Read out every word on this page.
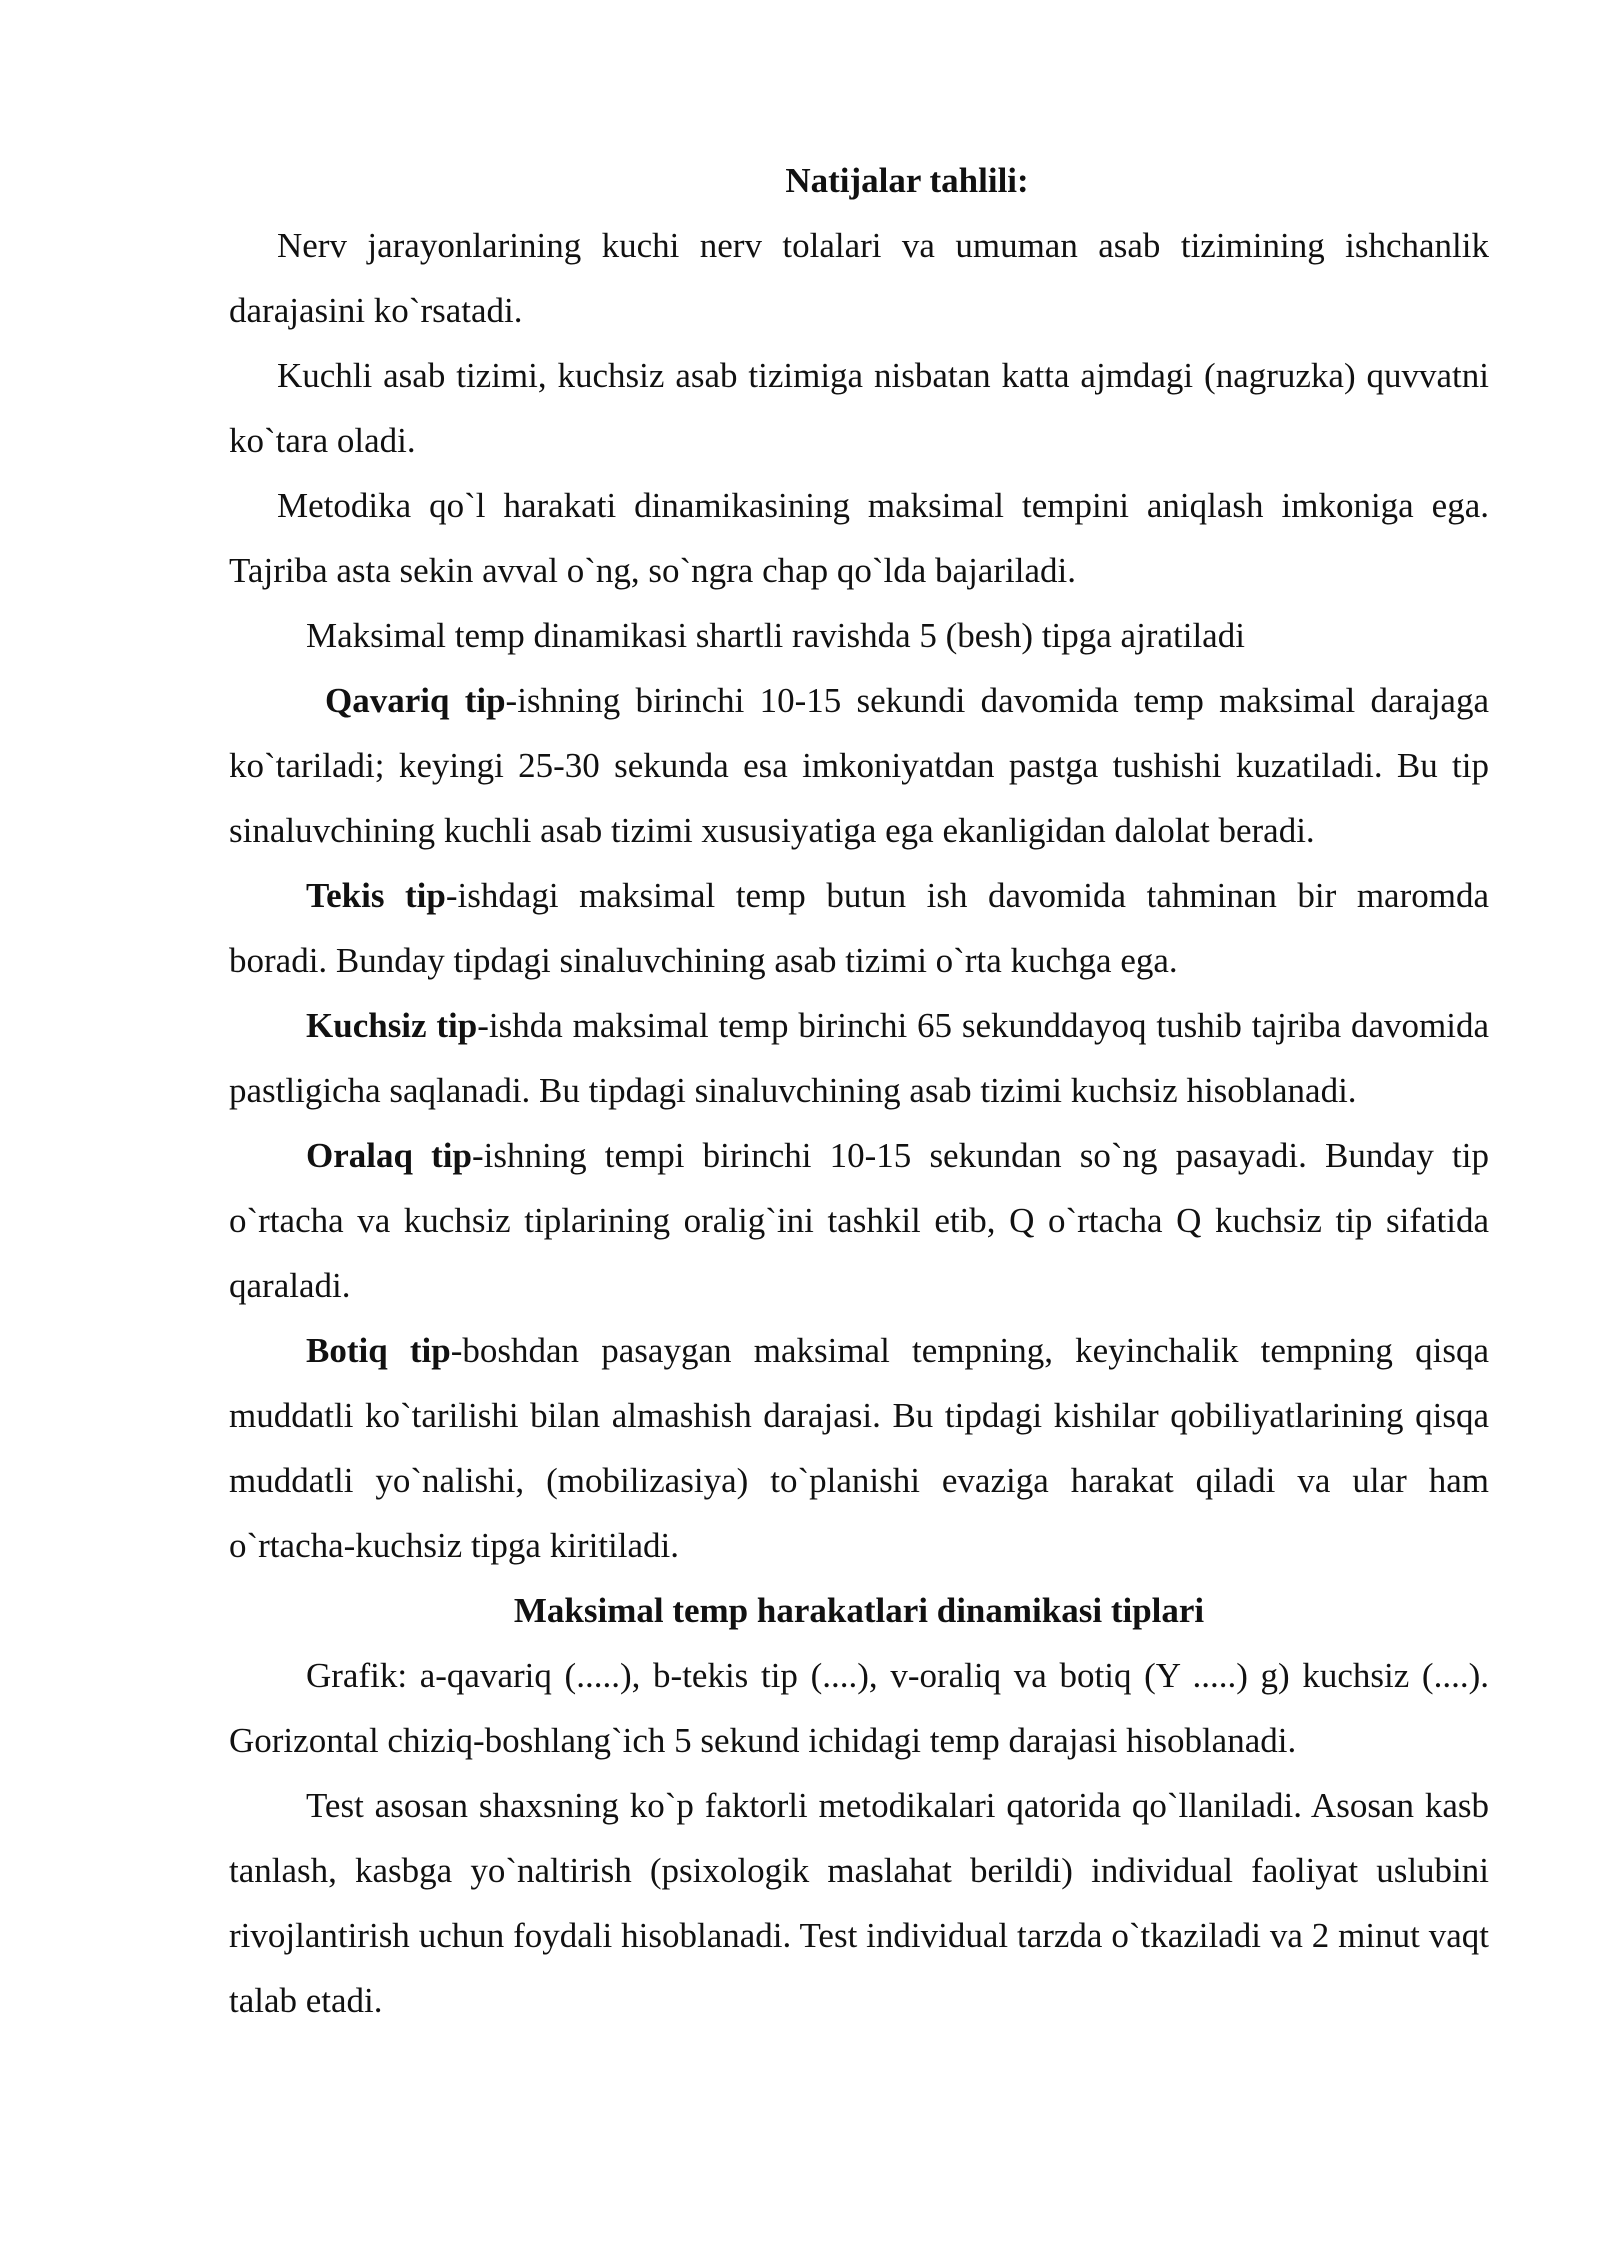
Natijalar tahlili:

Nerv jarayonlarining kuchi nerv tolalari va umuman asab tizimining ishchanlik darajasini ko`rsatadi.

Kuchli asab tizimi, kuchsiz asab tizimiga nisbatan katta ajmdagi (nagruzka) quvvatni ko`tara oladi.

Metodika qo`l harakati dinamikasining maksimal tempini aniqlash imkoniga ega. Tajriba asta sekin avval o`ng, so`ngra chap qo`lda bajariladi.

Maksimal temp dinamikasi shartli ravishda 5 (besh) tipga ajratiladi

Qavariq tip-ishning birinchi 10-15 sekundi davomida temp maksimal darajaga ko`tariladi; keyingi 25-30 sekunda esa imkoniyatdan pastga tushishi kuzatiladi. Bu tip sinaluvchining kuchli asab tizimi xususiyatiga ega ekanligidan dalolat beradi.

Tekis tip-ishdagi maksimal temp butun ish davomida tahminan bir maromda boradi. Bunday tipdagi sinaluvchining asab tizimi o`rta kuchga ega.

Kuchsiz tip-ishda maksimal temp birinchi 65 sekunddayoq tushib tajriba davomida pastligicha saqlanadi. Bu tipdagi sinaluvchining asab tizimi kuchsiz hisoblanadi.

Oralaq tip-ishning tempi birinchi 10-15 sekundan so`ng pasayadi. Bunday tip o`rtacha va kuchsiz tiplarining oralig`ini tashkil etib, Q o`rtacha Q kuchsiz tip sifatida qaraladi.

Botiq tip-boshdan pasaygan maksimal tempning, keyinchalik tempning qisqa muddatli ko`tarilishi bilan almashish darajasi. Bu tipdagi kishilar qobiliyatlarining qisqa muddatli yo`nalishi, (mobilizasiya) to`planishi evaziga harakat qiladi va ular ham o`rtacha-kuchsiz tipga kiritiladi.

Maksimal temp harakatlari dinamikasi tiplari

Grafik: a-qavariq (.....), b-tekis tip (....), v-oraliq va botiq (Y .....) g) kuchsiz (....). Gorizontal chiziq-boshlang`ich 5 sekund ichidagi temp darajasi hisoblanadi.

Test asosan shaxsning ko`p faktorli metodikalari qatorida qo`llaniladi. Asosan kasb tanlash, kasbga yo`naltirish (psixologik maslahat berildi) individual faoliyat uslubini rivojlantirish uchun foydali hisoblanadi. Test individual tarzda o`tkaziladi va 2 minut vaqt talab etadi.
